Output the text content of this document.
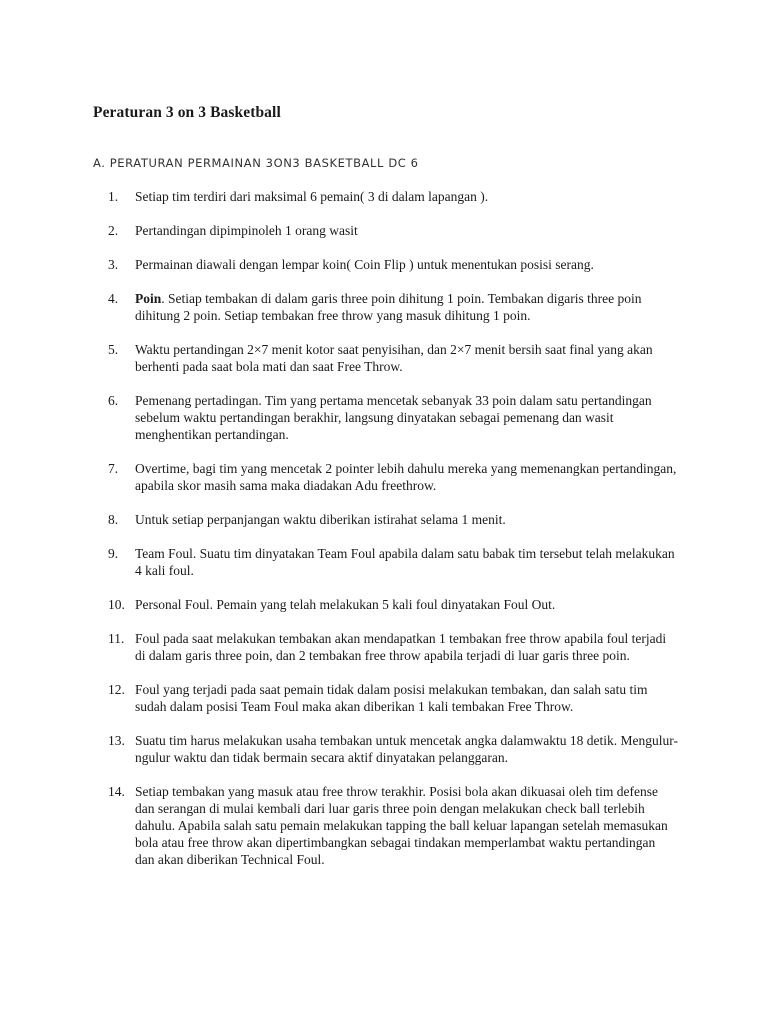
Peraturan 3 on 3 Basketball
A. PERATURAN PERMAINAN 3ON3 BASKETBALL DC 6
1.	Setiap tim terdiri dari maksimal 6 pemain( 3 di dalam lapangan ).
2.	Pertandingan dipimpinoleh 1 orang wasit
3.	Permainan diawali dengan lempar koin( Coin Flip ) untuk menentukan posisi serang.
4.	Poin. Setiap tembakan di dalam garis three poin dihitung 1 poin. Tembakan digaris three poin dihitung 2 poin. Setiap tembakan free throw yang masuk dihitung 1 poin.
5.	Waktu pertandingan 2×7 menit kotor saat penyisihan, dan 2×7 menit bersih saat final yang akan berhenti pada saat bola mati dan saat Free Throw.
6.	Pemenang pertadingan. Tim yang pertama mencetak sebanyak 33 poin dalam satu pertandingan sebelum waktu pertandingan berakhir, langsung dinyatakan sebagai pemenang dan wasit menghentikan pertandingan.
7.	Overtime, bagi tim yang mencetak 2 pointer lebih dahulu mereka yang memenangkan pertandingan, apabila skor masih sama maka diadakan Adu freethrow.
8.	Untuk setiap perpanjangan waktu diberikan istirahat selama 1 menit.
9.	Team Foul. Suatu tim dinyatakan Team Foul apabila dalam satu babak tim tersebut telah melakukan 4 kali foul.
10. Personal Foul. Pemain yang telah melakukan 5 kali foul dinyatakan Foul Out.
11. Foul pada saat melakukan tembakan akan mendapatkan 1 tembakan free throw apabila foul terjadi di dalam garis three poin, dan 2 tembakan free throw apabila terjadi di luar garis three poin.
12. Foul yang terjadi pada saat pemain tidak dalam posisi melakukan tembakan, dan salah satu tim sudah dalam posisi Team Foul maka akan diberikan 1 kali tembakan Free Throw.
13. Suatu tim harus melakukan usaha tembakan untuk mencetak angka dalamwaktu 18 detik. Mengulur-ngulur waktu dan tidak bermain secara aktif dinyatakan pelanggaran.
14. Setiap tembakan yang masuk atau free throw terakhir. Posisi bola akan dikuasai oleh tim defense dan serangan di mulai kembali dari luar garis three poin dengan melakukan check ball terlebih dahulu. Apabila salah satu pemain melakukan tapping the ball keluar lapangan setelah memasukan bola atau free throw akan dipertimbangkan sebagai tindakan memperlambat waktu pertandingan dan akan diberikan Technical Foul.
